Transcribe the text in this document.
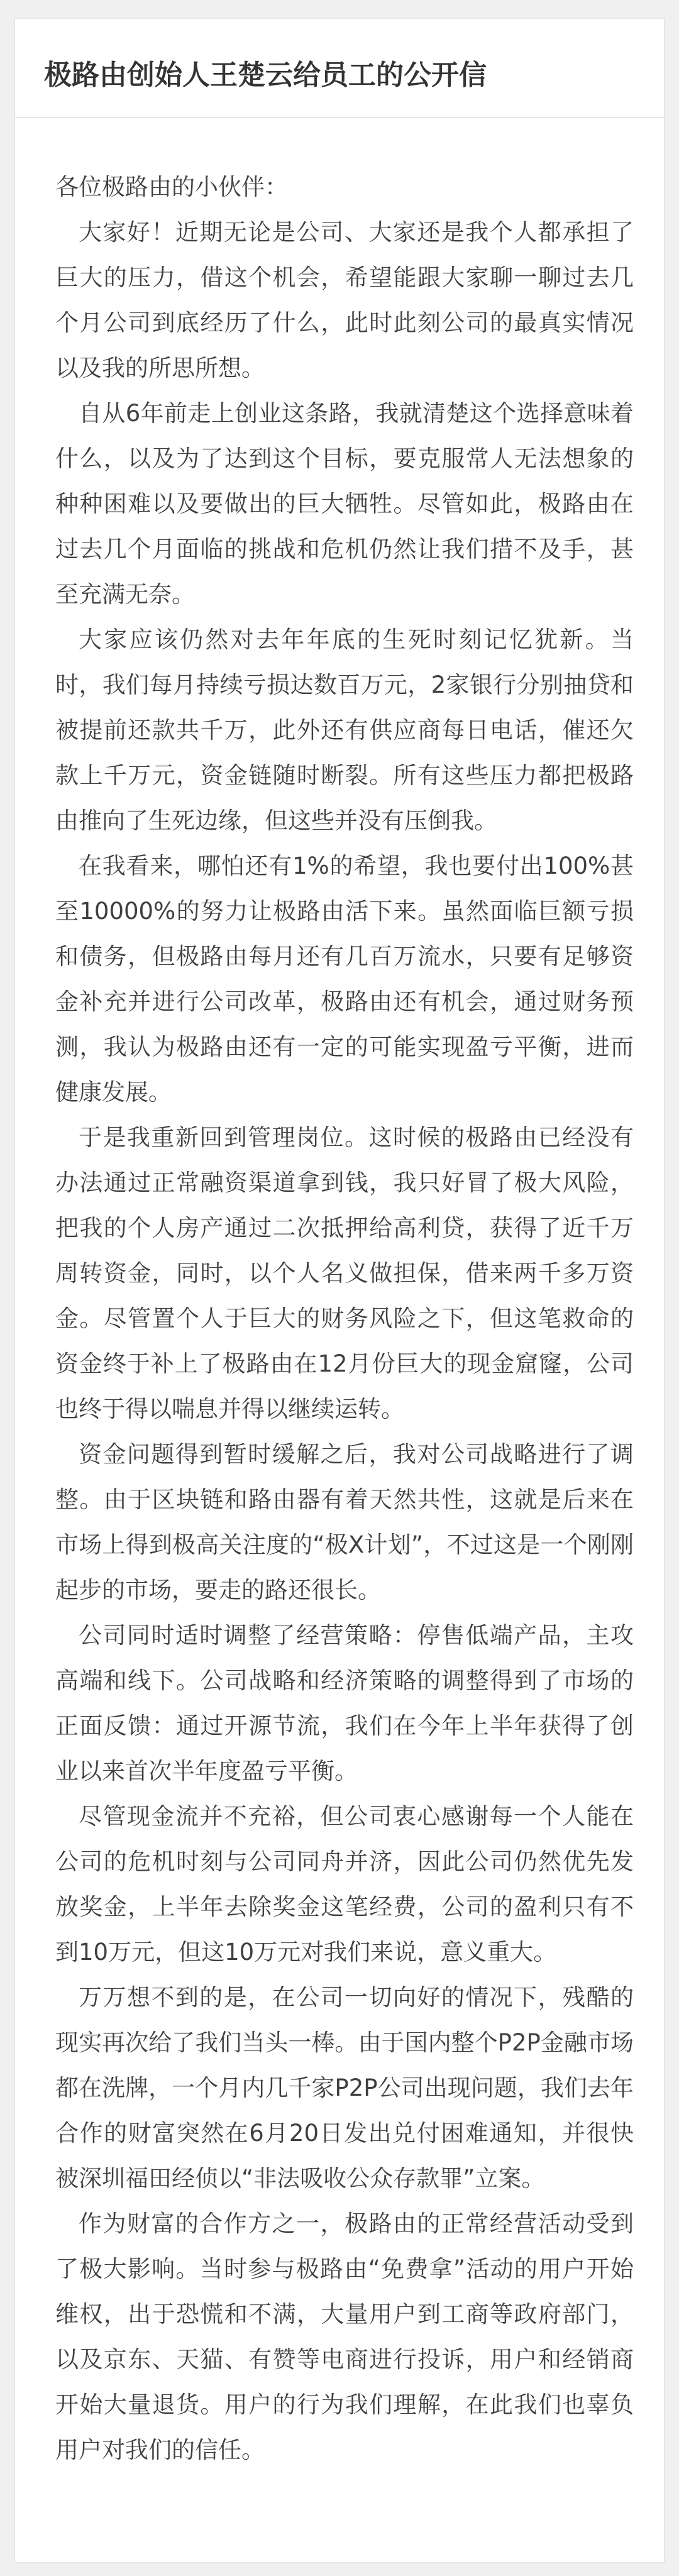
极路由创始人王楚云给员工的公开信

各位极路由的小伙伴：

大家好！近期无论是公司、大家还是我个人都承担了巨大的压力，借这个机会，希望能跟大家聊一聊过去几个月公司到底经历了什么，此时此刻公司的最真实情况以及我的所思所想。

自从6年前走上创业这条路，我就清楚这个选择意味着什么，以及为了达到这个目标，要克服常人无法想象的种种困难以及要做出的巨大牺牲。尽管如此，极路由在过去几个月面临的挑战和危机仍然让我们措不及手，甚至充满无奈。

大家应该仍然对去年年底的生死时刻记忆犹新。当时，我们每月持续亏损达数百万元，2家银行分别抽贷和被提前还款共千万，此外还有供应商每日电话，催还欠款上千万元，资金链随时断裂。所有这些压力都把极路由推向了生死边缘，但这些并没有压倒我。

在我看来，哪怕还有1%的希望，我也要付出100%甚至10000%的努力让极路由活下来。虽然面临巨额亏损和债务，但极路由每月还有几百万流水，只要有足够资金补充并进行公司改革，极路由还有机会，通过财务预测，我认为极路由还有一定的可能实现盈亏平衡，进而健康发展。

于是我重新回到管理岗位。这时候的极路由已经没有办法通过正常融资渠道拿到钱，我只好冒了极大风险，把我的个人房产通过二次抵押给高利贷，获得了近千万周转资金，同时，以个人名义做担保，借来两千多万资金。尽管置个人于巨大的财务风险之下，但这笔救命的资金终于补上了极路由在12月份巨大的现金窟窿，公司也终于得以喘息并得以继续运转。

资金问题得到暂时缓解之后，我对公司战略进行了调整。由于区块链和路由器有着天然共性，这就是后来在市场上得到极高关注度的“极X计划”，不过这是一个刚刚起步的市场，要走的路还很长。

公司同时适时调整了经营策略：停售低端产品，主攻高端和线下。公司战略和经济策略的调整得到了市场的正面反馈：通过开源节流，我们在今年上半年获得了创业以来首次半年度盈亏平衡。

尽管现金流并不充裕，但公司衷心感谢每一个人能在公司的危机时刻与公司同舟并济，因此公司仍然优先发放奖金，上半年去除奖金这笔经费，公司的盈利只有不到10万元，但这10万元对我们来说，意义重大。

万万想不到的是，在公司一切向好的情况下，残酷的现实再次给了我们当头一棒。由于国内整个P2P金融市场都在洗牌，一个月内几千家P2P公司出现问题，我们去年合作的财富突然在6月20日发出兑付困难通知，并很快被深圳福田经侦以“非法吸收公众存款罪”立案。

作为财富的合作方之一，极路由的正常经营活动受到了极大影响。当时参与极路由“免费拿”活动的用户开始维权，出于恐慌和不满，大量用户到工商等政府部门，以及京东、天猫、有赞等电商进行投诉，用户和经销商开始大量退货。用户的行为我们理解，在此我们也辜负用户对我们的信任。
